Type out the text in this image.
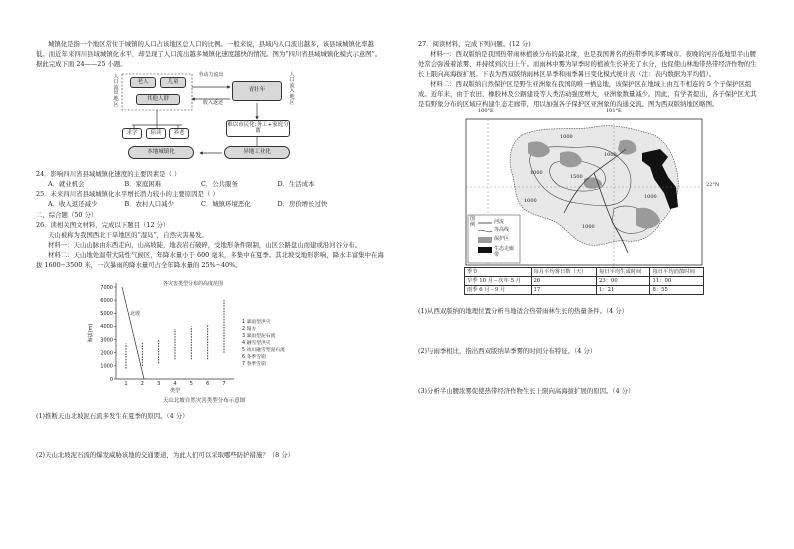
城镇化是指一个地区常住于城镇的人口占该地区总人口的比例。一般来说，县域内人口流出越多，该县域城镇化率越低。而近年来四川县域城镇化水平，却呈现了人口流出越多城镇化速度越快的情况。图为“四川省县域城镇化模式示意图”。据此完成下面 24——25 小题。

人口流出地区
老人	儿童
其他人群
劳动力流出
收入返还
青壮年
人口流入地区
求学	陪读	养老
难以市民化:务工+家庭分离
本地城镇化	异地工业化

24．影响四川省县域城镇化速度的主要因素是（ ）

A．就业机会	B．家庭困难	C．公共服务	D．生活成本

25．未来四川省县域城镇化水平增长潜力较小的主要原因是（ ）

A．收入返还减少	B．农村人口减少	C．城镇环境恶化	D．房价增长过快

二、综合题（50 分）

26．读相关图文材料，完成以下题目（12 分）

天山被称为我国西北干旱地区的“湿岛”，自然灾害易发。

材料一：天山山脉由东西走向，山高坡陡，地表岩石破碎，受地形条件限制，山区公路盘山而建或沿河谷分布。

材料二：天山地处温带大陆性气候区，年降水量小于 600 毫米，多集中在夏季。其北坡受地形影响，降水丰富集中在海拔 1600−3500 米，一次暴雨的降水量可占全年降水量的 25%−40%。

0
1000
2000
3000
4000
5000
6000
7000
1	2	3	4	5	6	7
类型
海拔(m)
各灾害类型分布的高度范围
北坡
1 暴雨型洪灾
2 塌方
3 暴雨型泥石流
4 融雪型洪灾
5 冰川融雪型泥石流
6 冬季雪崩
7 春季雪崩
天山北坡自然灾害类型分布示意图

(1)推断天山北坡泥石流多发生在夏季的原因。（4 分）

(2)天山北坡泥石流的爆发威胁该地的交通要道，为此人们可以采取哪些防护措施？（8 分）

27．阅读材料，完成下列问题。(12 分)

材料一：西双版纳是我国热带雨林植被分布的最北缘，也是我国著名的热带季风多雾城市。夜晚的河谷低地里半山腰处常会弥漫着浓雾，并持续到次日上午。而雨林中雾为旱季时的植被生长补充了水分，也促使山林地带热带经济作物的生长上限向高海拔扩展。下表为西双版纳雨林区旱季和雨季暑日变化模式统计表（注：表内数据为平均值）。

材料二：西双版纳自然保护区是野生亚洲象在我国的唯一栖息地，该保护区在地域上由互不相连的 5 个子保护区组成。近年来，由于农田、橡胶林及公路建设等人类活动强度增大，亚洲象数量减少。因此，有学者提出，各子保护区尤其是有野象分布的区域应构建生态走廊带，用以加强各子保护区亚洲象的沟通交流。图为西双版纳地区略图。

100°E	101°E
22°N
图例	河流
等高线
保护区
生态走廊带
1000
1000
1000
1500
1000
1000
1000
季节	每月平均雾日数（天）	每日平均生成时间	每日平均消散时间
旱季 10 月－次年 5 月	26	23：00	11：00
雨季 6 月－9 月	17	1：21	8：55

(1)从西双版纳的地理位置分析当地适合热带雨林生长的热量条件。（4 分）

(2)与雨季相比，指出西双版纳旱季雾的时间分布特征。（4 分）

(3)分析半山腰浓雾促使热带经济作物生长上限向高海拔扩展的原因。（4 分）
